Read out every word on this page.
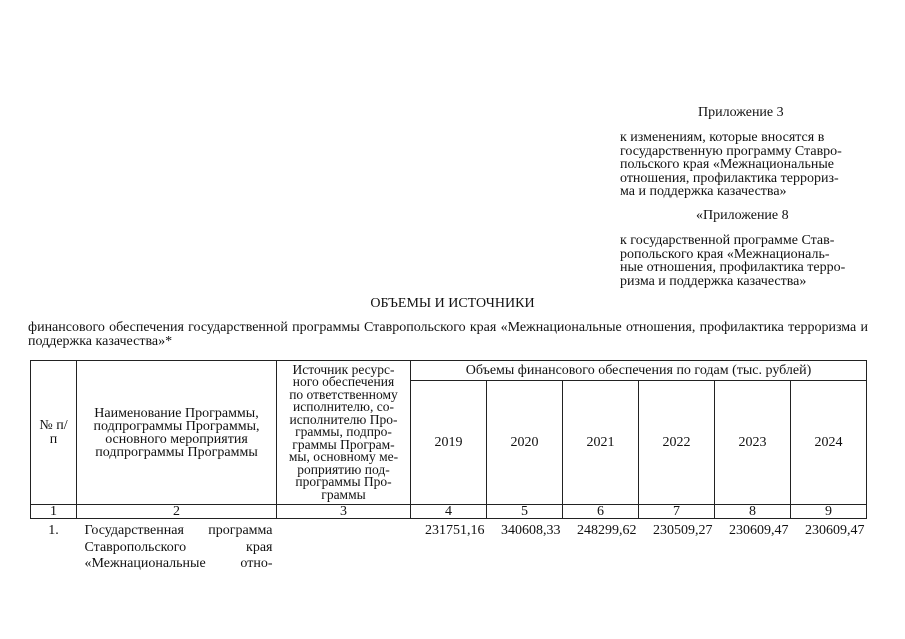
Приложение 3
к изменениям, которые вносятся в
государственную программу Ставро-
польского края «Межнациональные
отношения, профилактика террориз-
ма и поддержка казачества»
«Приложение 8
к государственной программе Став-
ропольского края «Межнациональ-
ные отношения, профилактика терро-
ризма и поддержка казачества»
ОБЪЕМЫ И ИСТОЧНИКИ
финансового обеспечения государственной программы Ставропольского края «Межнациональные отношения, профилактика терроризма и поддержка казачества»*
№ п/п	Наименование Программы, подпрограммы Программы, основного мероприятия подпрограммы Программы	Источник ресурс-ного обеспечения по ответственному исполнителю, со-исполнителю Про-граммы, подпро-граммы Програм-мы, основному ме-роприятию под-программы Про-граммы	Объемы финансового обеспечения по годам (тыс. рублей)					
			2019	2020	2021	2022	2023	2024
1	2	3	4	5	6	7	8	9
1.	Государственная программа
Ставропольского края
«Межнациональные отно-		231751,16	340608,33	248299,62	230509,27	230609,47	230609,47
